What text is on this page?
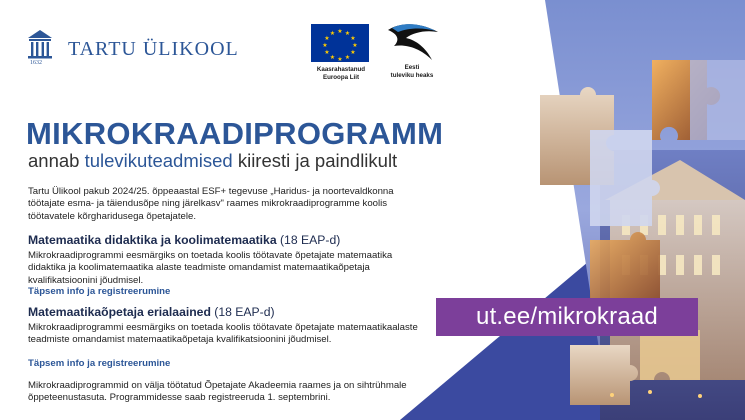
ut.ee/mikrokraad
1632
TARTU ÜLIKOOL
★ ★
★
★
★
★
★
★
★
★
★
★
Kaasrahastanud
Euroopa Liit
Eesti
tuleviku heaks
MIKROKRAADIPROGRAMM
annab tulevikuteadmised kiiresti ja paindlikult
Tartu Ülikool pakub 2024/25. õppeaastal ESF+ tegevuse „Haridus- ja noortevaldkonna töötajate esma- ja täiendusõpe ning järelkasv" raames mikrokraadiprogramme koolis töötavatele kõrgharidusega õpetajatele.
Matemaatika didaktika ja koolimatemaatika (18 EAP-d)
Mikrokraadiprogrammi eesmärgiks on toetada koolis töötavate õpetajate matemaatika didaktika ja koolimatemaatika alaste teadmiste omandamist matemaatikaõpetaja kvalifikatsioonini jõudmisel.
Täpsem info ja registreerumine
Matemaatikaõpetaja erialaained (18 EAP-d)
Mikrokraadiprogrammi eesmärgiks on toetada koolis töötavate õpetajate matemaatikaalaste teadmiste omandamist matemaatikaõpetaja kvalifikatsioonini jõudmisel.
Täpsem info ja registreerumine
Mikrokraadiprogrammid on välja töötatud Õpetajate Akadeemia raames ja on sihtrühmale õppeteenustasuta. Programmidesse saab registreeruda 1. septembrini.
